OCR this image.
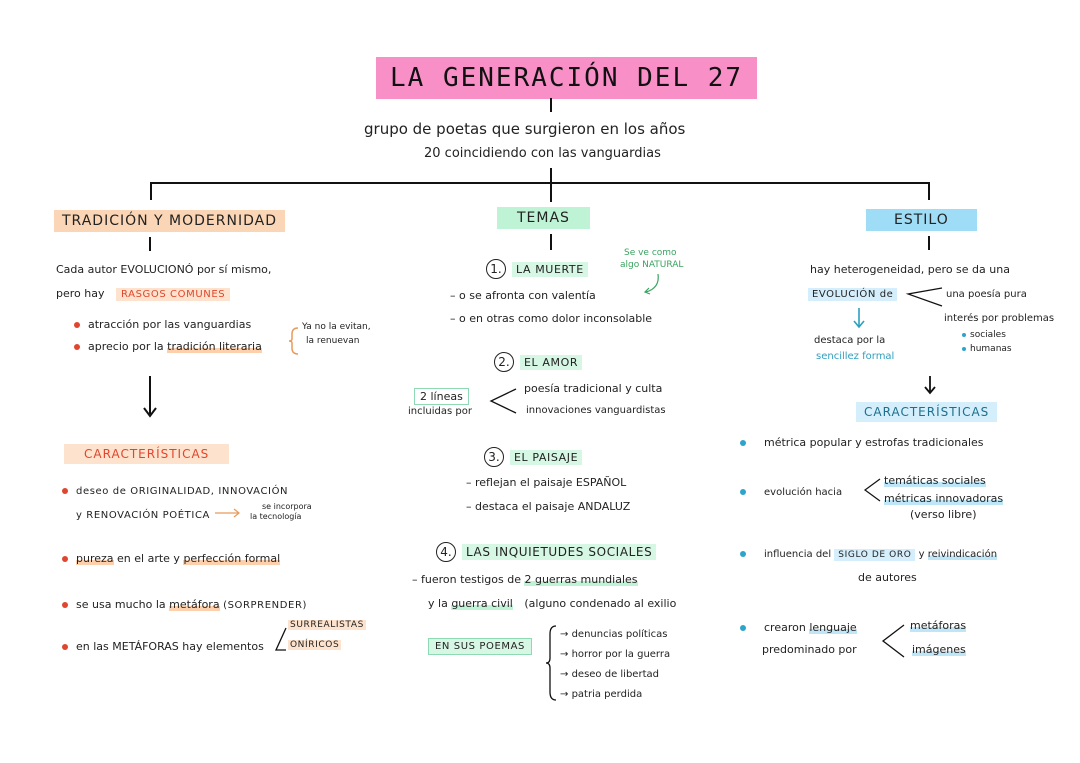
LA GENERACIÓN DEL 27
grupo de poetas que surgieron en los años
20 coincidiendo con las vanguardias
TRADICIÓN Y MODERNIDAD
Cada autor EVOLUCIONÓ por sí mismo,
pero hay RASGOS COMUNES
atracción por las vanguardias
aprecio por la tradición literaria
Ya no la evitan,
la renuevan
CARACTERÍSTICAS
deseo de ORIGINALIDAD, INNOVACIÓN
y RENOVACIÓN POÉTICA
se incorpora
la tecnología
pureza en el arte y perfección formal
se usa mucho la metáfora (SORPRENDER)
en las METÁFORAS hay elementos
SURREALISTAS
ONÍRICOS
TEMAS
1. LA MUERTE
Se ve como
algo NATURAL
– o se afronta con valentía
– o en otras como dolor inconsolable
2. EL AMOR
2 líneas
incluidas por
poesía tradicional y culta
innovaciones vanguardistas
3. EL PAISAJE
– reflejan el paisaje ESPAÑOL
– destaca el paisaje ANDALUZ
4. LAS INQUIETUDES SOCIALES
– fueron testigos de 2 guerras mundiales
y la guerra civil (alguno condenado al exilio
EN SUS POEMAS
→ denuncias políticas
→ horror por la guerra
→ deseo de libertad
→ patria perdida
ESTILO
hay heterogeneidad, pero se da una
EVOLUCIÓN de	una poesía pura
interés por problemas
sociales
humanas
destaca por la
sencillez formal
CARACTERÍSTICAS
métrica popular y estrofas tradicionales
evolución hacia
temáticas sociales
métricas innovadoras
(verso libre)
influencia del SIGLO DE ORO y reivindicación
de autores
crearon lenguaje
predominado por
metáforas
imágenes
